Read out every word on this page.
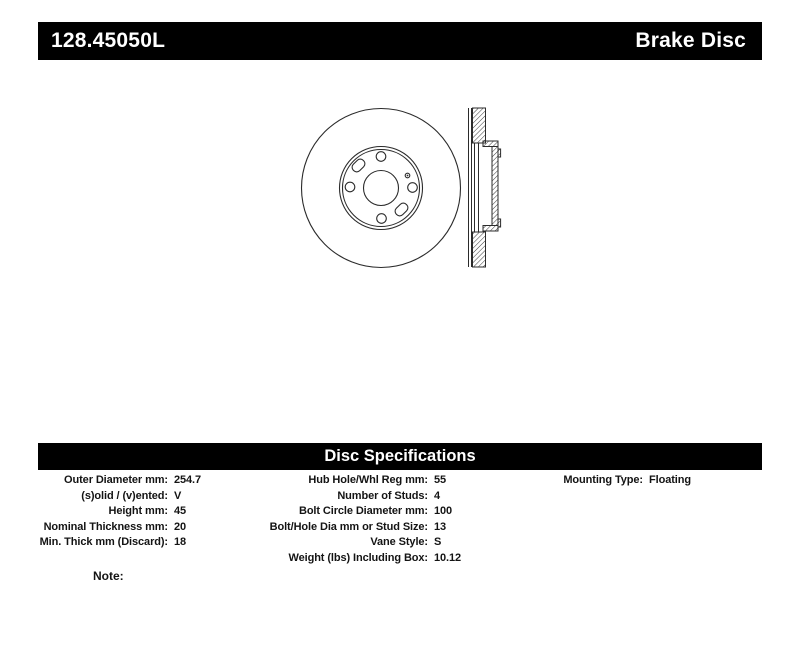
128.45050L	Brake Disc
Disc Specifications
Outer Diameter mm: 254.7
(s)olid / (v)ented: V
Height mm: 45
Nominal Thickness mm: 20
Min. Thick mm (Discard): 18
Hub Hole/Whl Reg mm: 55
Number of Studs: 4
Bolt Circle Diameter mm: 100
Bolt/Hole Dia mm or Stud Size: 13
Vane Style: S
Weight (lbs) Including Box: 10.12
Mounting Type: Floating
Note:
